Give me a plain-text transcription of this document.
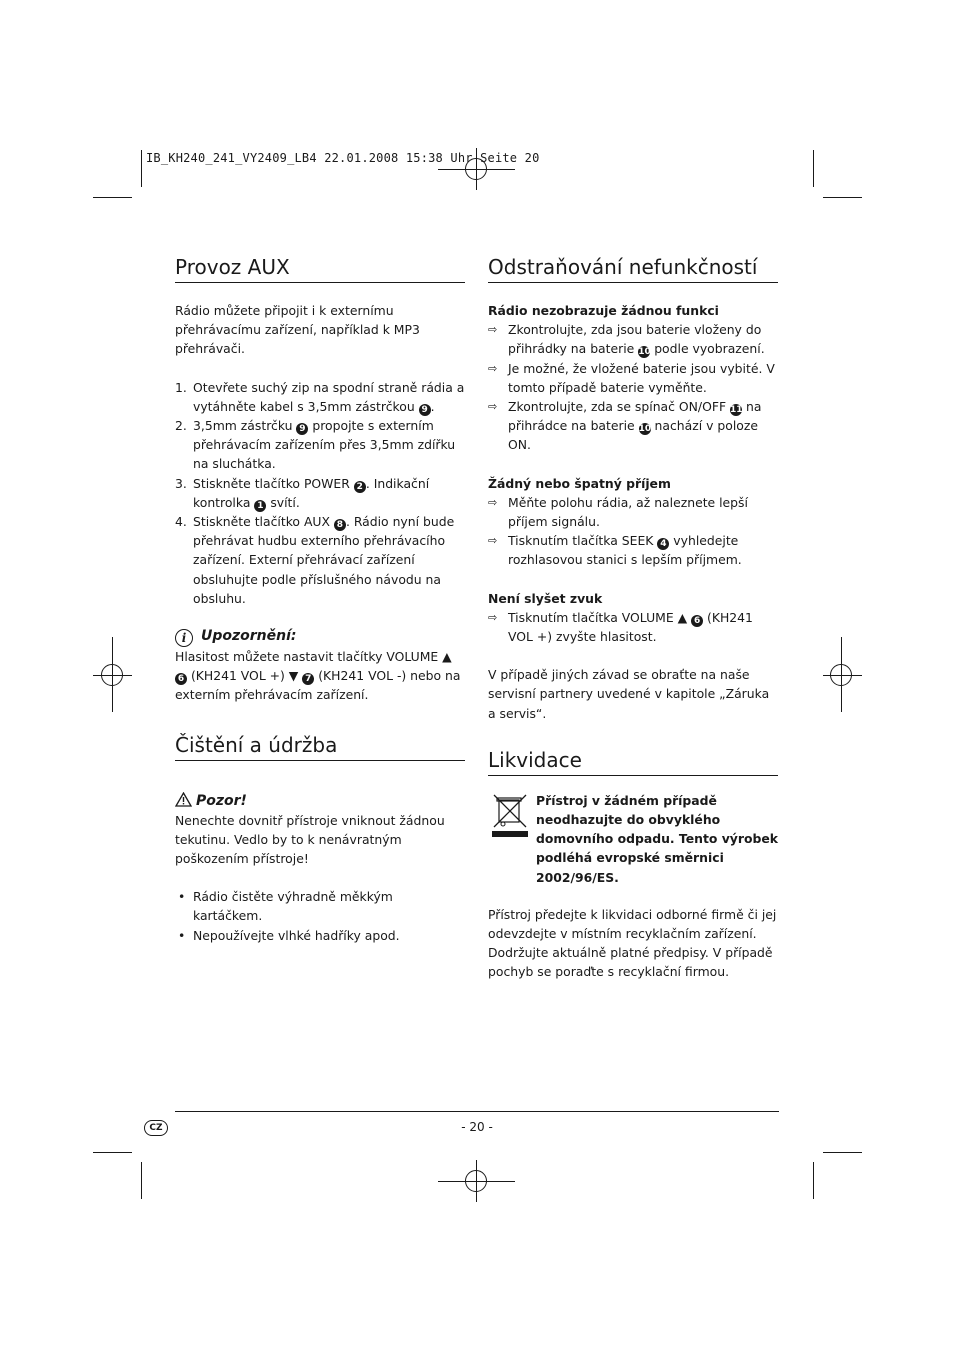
IB_KH240_241_VY2409_LB4 22.01.2008 15:38 Uhr Seite 20
Provoz AUX

Rádio můžete připojit i k externímu přehrávacímu zařízení, například k MP3 přehrávači.

1. Otevřete suchý zip na spodní straně rádia a vytáhněte kabel s 3,5mm zástrčkou 9 .
2. 3,5mm zástrčku 9 propojte s externím přehrávacím zařízením přes 3,5mm zdířku na sluchátka.
3. Stiskněte tlačítko POWER 2 . Indikační kontrolka 1 svítí.
4. Stiskněte tlačítko AUX 8 . Rádio nyní bude přehrávat hudbu externího přehrávacího zařízení. Externí přehrávací zařízení obsluhujte podle příslušného návodu na obsluhu.

i Upozornění:

Hlasitost můžete nastavit tlačítky VOLUME ▲ 6 (KH241 VOL +) ▼ 7 (KH241 VOL -) nebo na externím přehrávacím zařízení.

Čištění a údržba

Pozor!

Nenechte dovnitř přístroje vniknout žádnou tekutinu. Vedlo by to k nenávratným poškozením přístroje!

• Rádio čistěte výhradně měkkým kartáčkem.
• Nepoužívejte vlhké hadříky apod.
Odstraňování nefunkčností

Rádio nezobrazuje žádnou funkci

⇨ Zkontrolujte, zda jsou baterie vloženy do přihrádky na baterie 10 podle vyobrazení.
⇨ Je možné, že vložené baterie jsou vybité. V tomto případě baterie vyměňte.
⇨ Zkontrolujte, zda se spínač ON/OFF 11 na přihrádce na baterie 10 nachází v poloze ON.

Žádný nebo špatný příjem

⇨ Měňte polohu rádia, až naleznete lepší příjem signálu.
⇨ Tisknutím tlačítka SEEK 4 vyhledejte rozhlasovou stanici s lepším příjmem.

Není slyšet zvuk

⇨ Tisknutím tlačítka VOLUME ▲ 6 (KH241 VOL +) zvyšte hlasitost.

V případě jiných závad se obraťte na naše servisní partnery uvedené v kapitole „Záruka a servis“.

Likvidace

Přístroj v žádném případě neodhazujte do obvyklého domovního odpadu. Tento výrobek podléhá evropské směrnici 2002/96/ES.

Přístroj předejte k likvidaci odborné firmě či jej odevzdejte v místním recyklačním zařízení. Dodržujte aktuálně platné předpisy. V případě pochyb se poraďte s recyklační firmou.

CZ	- 20 -
